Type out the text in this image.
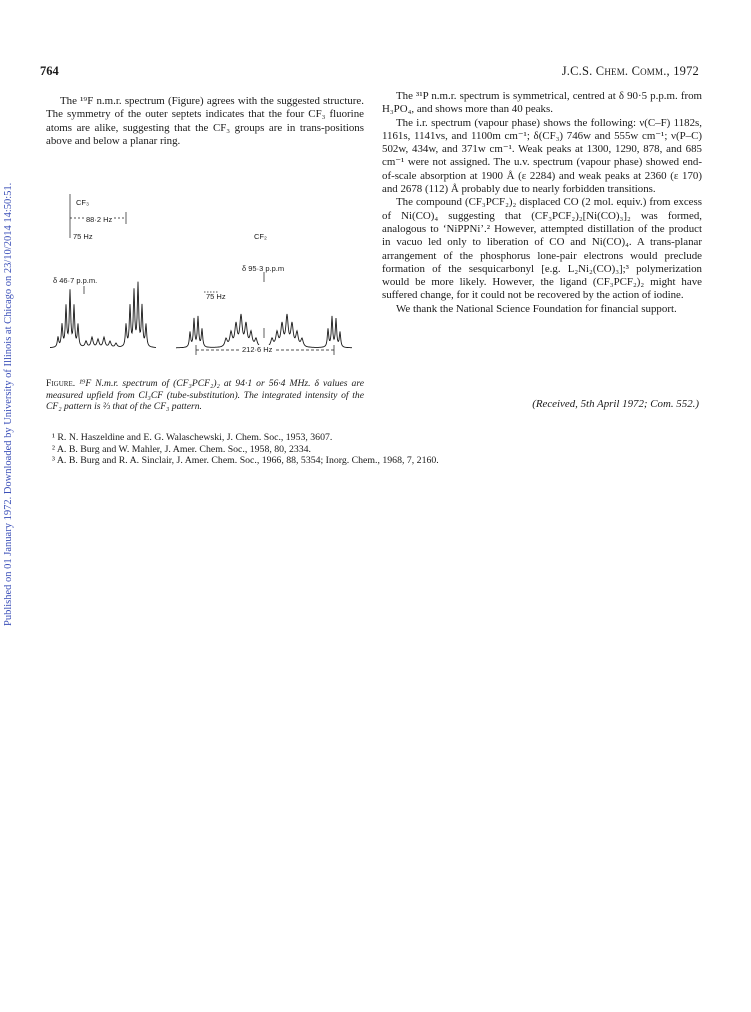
Published on 01 January 1972. Downloaded by University of Illinois at Chicago on 23/10/2014 14:50:51.
764	J.C.S. Chem. Comm., 1972

The ¹⁹F n.m.r. spectrum (Figure) agrees with the suggested structure. The symmetry of the outer septets indicates that the four CF₃ fluorine atoms are alike, suggesting that the CF₃ groups are in trans-positions above and below a planar ring.

CF₃
CF₂
88·2 Hz
75 Hz
δ 46·7 p.p.m.
δ 95·3 p.p.m
75 Hz
212·6 Hz
Figure. ¹⁹F N.m.r. spectrum of (CF₃PCF₂)₂ at 94·1 or 56·4 MHz. δ values are measured upfield from Cl₃CF (tube-substitution). The integrated intensity of the CF₂ pattern is ⅔ that of the CF₃ pattern.

The ³¹P n.m.r. spectrum is symmetrical, centred at δ 90·5 p.p.m. from H₃PO₄, and shows more than 40 peaks.

The i.r. spectrum (vapour phase) shows the following: ν(C–F) 1182s, 1161s, 1141vs, and 1100m cm⁻¹; δ(CF₃) 746w and 555w cm⁻¹; ν(P–C) 502w, 434w, and 371w cm⁻¹. Weak peaks at 1300, 1290, 878, and 685 cm⁻¹ were not assigned. The u.v. spectrum (vapour phase) showed end-of-scale absorption at 1900 Å (ε 2284) and weak peaks at 2360 (ε 170) and 2678 (112) Å probably due to nearly forbidden transitions.

The compound (CF₃PCF₂)₂ displaced CO (2 mol. equiv.) from excess of Ni(CO)₄ suggesting that (CF₃PCF₂)₂[Ni(CO)₃]₂ was formed, analogous to ‘NiPPNi’.² However, attempted distillation of the product in vacuo led only to liberation of CO and Ni(CO)₄. A trans-planar arrangement of the phosphorus lone-pair electrons would preclude formation of the sesquicarbonyl [e.g. L₂Ni₂(CO)₃];³ polymerization would be more likely. However, the ligand (CF₃PCF₂)₂ might have suffered change, for it could not be recovered by the action of iodine.

We thank the National Science Foundation for financial support.

(Received, 5th April 1972; Com. 552.)
¹ R. N. Haszeldine and E. G. Walaschewski, J. Chem. Soc., 1953, 3607.
² A. B. Burg and W. Mahler, J. Amer. Chem. Soc., 1958, 80, 2334.
³ A. B. Burg and R. A. Sinclair, J. Amer. Chem. Soc., 1966, 88, 5354; Inorg. Chem., 1968, 7, 2160.
